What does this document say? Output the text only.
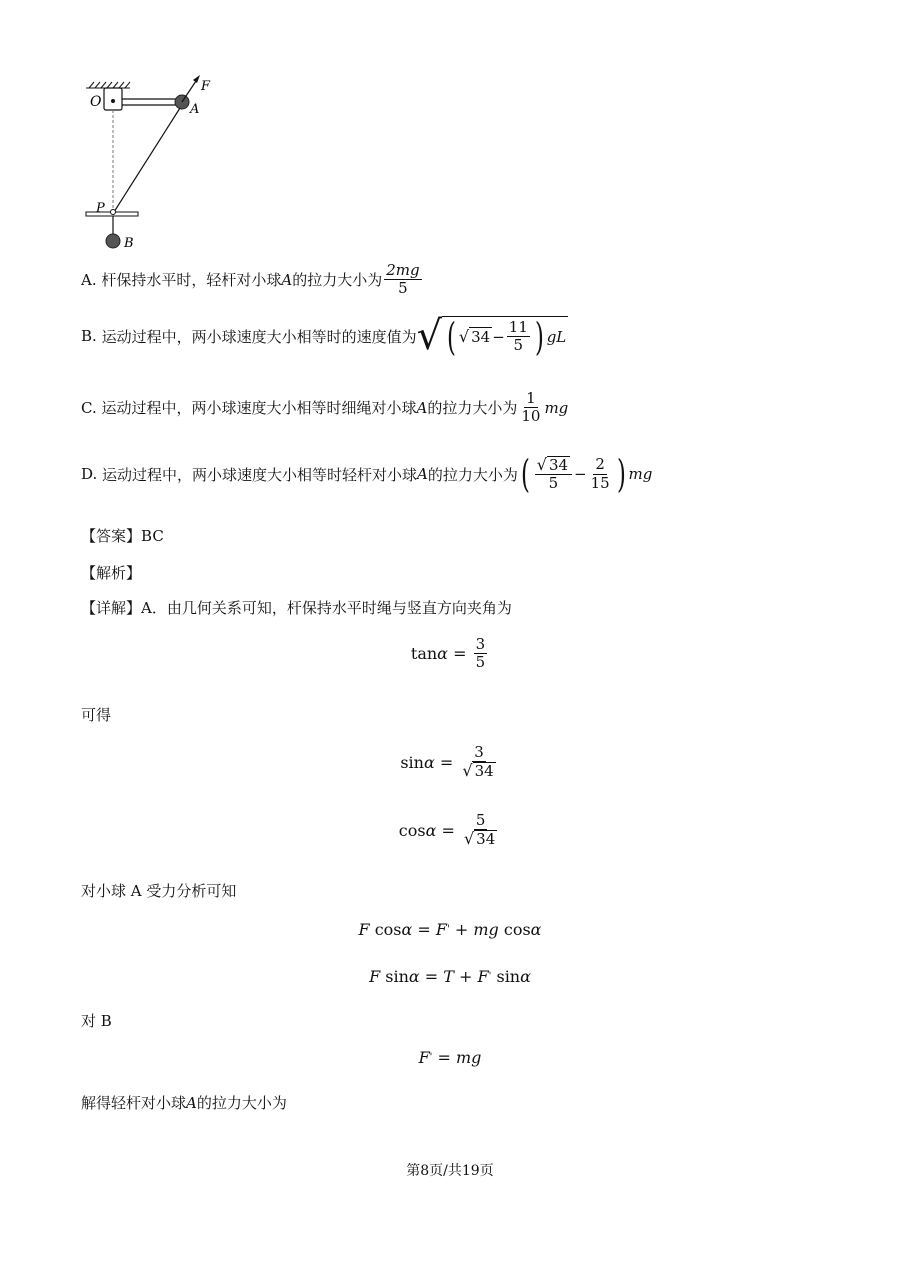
O	A
F
P
B
A. 杆保持水平时，轻杆对小球 A 的拉力大小为 $\frac{2mg}{5}$
B. 运动过程中，两小球速度大小相等时的速度值为 √ ( √ $34 - \frac{11}{5}$ ) gL
C. 运动过程中，两小球速度大小相等时细绳对小球 A 的拉力大小为 $\frac{1}{10}$ mg
D. 运动过程中，两小球速度大小相等时轻杆对小球 A 的拉力大小为 ( $\frac{√ 34}{5} - \frac{2}{15}$ ) mg
【答案】 BC
【解析】
【详解】 A．由几何关系可知，杆保持水平时绳与竖直方向夹角为
$\tan \alpha = \frac{3}{5}$
可得
$\sin \alpha = \frac{3}{√ 34}$
$\cos \alpha = \frac{5}{√ 34}$
对小球 A 受力分析可知
F cos α = F ' + mg cos α
F sin α = T + F ' sin α
对 B
F ' = mg
解得轻杆对小球 A 的拉力大小为
第8页/共19页
